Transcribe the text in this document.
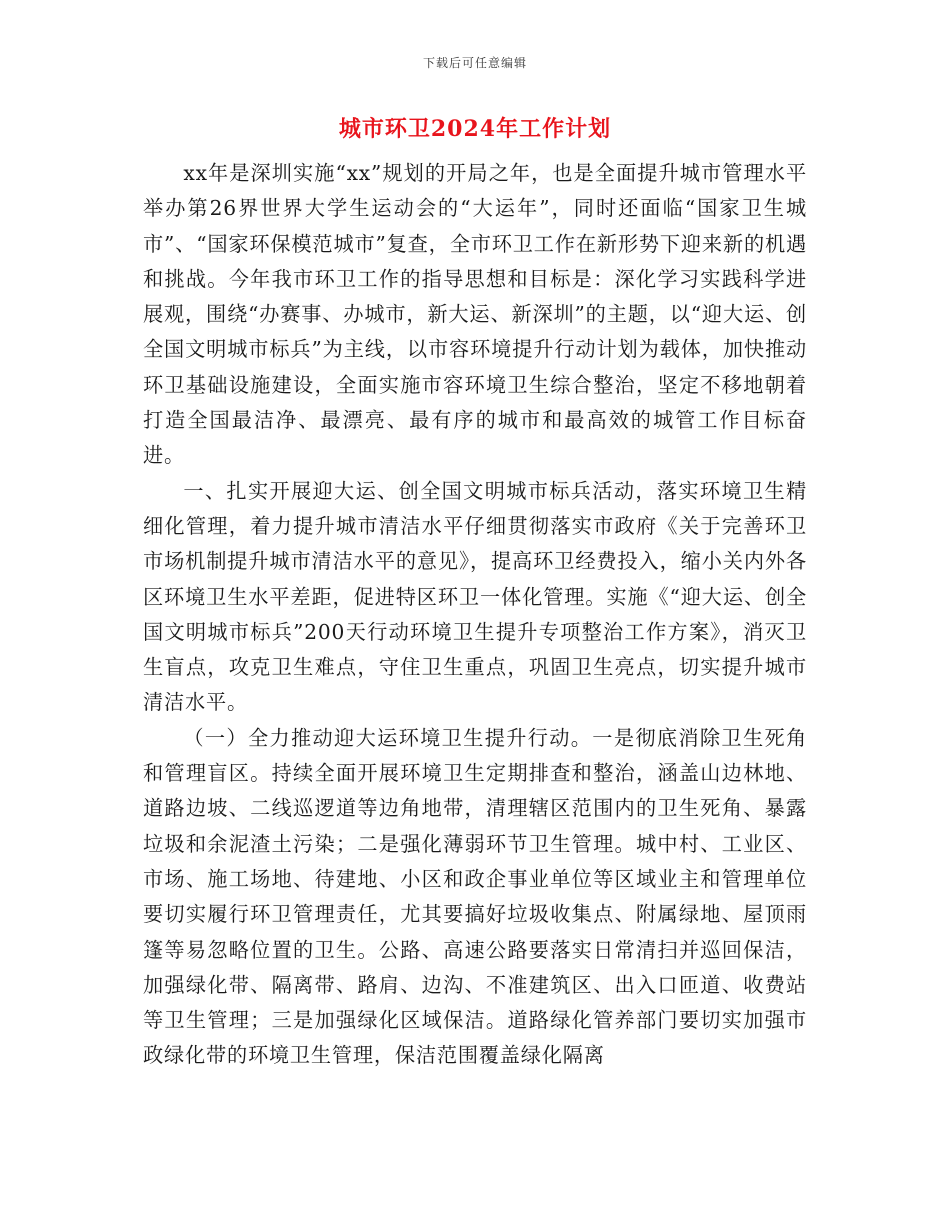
下载后可任意编辑
城市环卫2024年工作计划

xx年是深圳实施“xx”规划的开局之年，也是全面提升城市管理水平举办第26界世界大学生运动会的“大运年”，同时还面临“国家卫生城市”、“国家环保模范城市”复查，全市环卫工作在新形势下迎来新的机遇和挑战。今年我市环卫工作的指导思想和目标是：深化学习实践科学进展观，围绕“办赛事、办城市，新大运、新深圳”的主题，以“迎大运、创全国文明城市标兵”为主线，以市容环境提升行动计划为载体，加快推动环卫基础设施建设，全面实施市容环境卫生综合整治，坚定不移地朝着打造全国最洁净、最漂亮、最有序的城市和最高效的城管工作目标奋进。

一、扎实开展迎大运、创全国文明城市标兵活动，落实环境卫生精细化管理，着力提升城市清洁水平仔细贯彻落实市政府《关于完善环卫市场机制提升城市清洁水平的意见》，提高环卫经费投入，缩小关内外各区环境卫生水平差距，促进特区环卫一体化管理。实施《“迎大运、创全国文明城市标兵”200天行动环境卫生提升专项整治工作方案》，消灭卫生盲点，攻克卫生难点，守住卫生重点，巩固卫生亮点，切实提升城市清洁水平。

（一）全力推动迎大运环境卫生提升行动。一是彻底消除卫生死角和管理盲区。持续全面开展环境卫生定期排查和整治，涵盖山边林地、道路边坡、二线巡逻道等边角地带，清理辖区范围内的卫生死角、暴露垃圾和余泥渣土污染；二是强化薄弱环节卫生管理。城中村、工业区、市场、施工场地、待建地、小区和政企事业单位等区域业主和管理单位要切实履行环卫管理责任，尤其要搞好垃圾收集点、附属绿地、屋顶雨篷等易忽略位置的卫生。公路、高速公路要落实日常清扫并巡回保洁，加强绿化带、隔离带、路肩、边沟、不准建筑区、出入口匝道、收费站等卫生管理；三是加强绿化区域保洁。道路绿化管养部门要切实加强市政绿化带的环境卫生管理，保洁范围覆盖绿化隔离
